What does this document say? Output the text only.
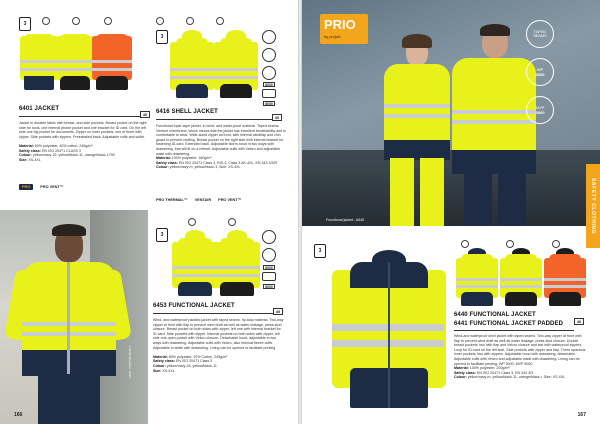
3
6401 JACKET
40
Jacket in durable fabric with breast- and side pockets. Breast pocket on the right side for tools, one internal phone pocket and one bracket for ID card. On the left side one big pocket for documents. Zipper on inner pockets, one of them with zipper. Side pockets with zippers. Preinstalled back. Adjustable cuffs and width.

Material: 60% polyester, 40% cotton, 245g/m²
Safety class: EN ISO 20471 CLASS 3
Colour: yellow/navy-16, yellow/black-11, orange/black-1799
Size: XS-4XL
PRO	PRO VENT™
3
8000
8000
6416 SHELL JACKET
40
Functional triple-layer jacket, in wind- and water-proof material. Taped seams. Venture membrane, which means that the jacket has excellent breathability and is comfortable to wear. Wide-sized zipper all front, with internal windflap and chin guard to prevent chafing. Breast pocket on the right side with internal bracket for fastening ID-card. Extended back. Adjustable storm-hood in two ways with drawstring, that will fit on a helmet. Adjustable cuffs with Velcro and adjustable waist with drawstring.
Material: 100% polyester, 160g/m²
Safety class: EN ISO 20471 Class 3, RIS-3, Class 3 AK-4XL, EN 343 3/3/R
Colour: yellow/navy-m, yellow/black-1, Size: XS-4XL
PRO THERMAL™ VENTAIR PRO VENT™
Functional jacket - 6453
3
8000
8000
6453 FUNCTIONAL JACKET
40
Wind- and waterproof padded jacket with taped seams, rip-stop material. Two-way zipper at front with flap to prevent wind draft as well as water leakage, press stud closure. Breast pocket on both sides with zipper, left one with internal bracket for ID card. Side pockets with zipper. Internal pockets on both sides with zipper, left side one open pocket with Velcro closure. Detachable hood, adjustable in two ways with drawstring. Adjustable cuffs with Velcro, also internal fleece cuffs. Adjustable in width with drawstring. Lining can be opened to facilitate printing.

Material: 80% polyester, 20% Cotton, 245g/m²
Safety class: EN ISO 20471 Class 3
Colour: yellow/navy-16, yellow/black-11
Size: XS-4XL
166
PRIO
by projob
TAPED SEAMS
WP
5000
MVP
5000
Functional jacket - 6440
3
6440 FUNCTIONAL JACKET
6441 FUNCTIONAL JACKET PADDED	40
Wind-and waterproof shell jacket with taped seams. Two-way zipper at front with flap to prevent wind draft as well as water leakage, press-stud closure. Double breast pockets, two with flap and Velcro closure and two with waterproof zippers. Loop for ID-card on the left side. Side pockets with zipper and flap. Three spacious inner pockets, two with zippers. Adjustable hood with drawstring, detachable. Adjustable cuffs with Velcro and adjustable waist with drawstring. Lining can be opened to facilitate printing. WP 5000, MVP 5000.
Material: 100% polyester, 200g/m²
Safety class: EN ISO 20471 Class 3, EN 343 3/3
Colour: yellow/navy-m, yellow/black-11, orange/black-r, Size: XS-4XL
SAFETY CLOTHING
167
